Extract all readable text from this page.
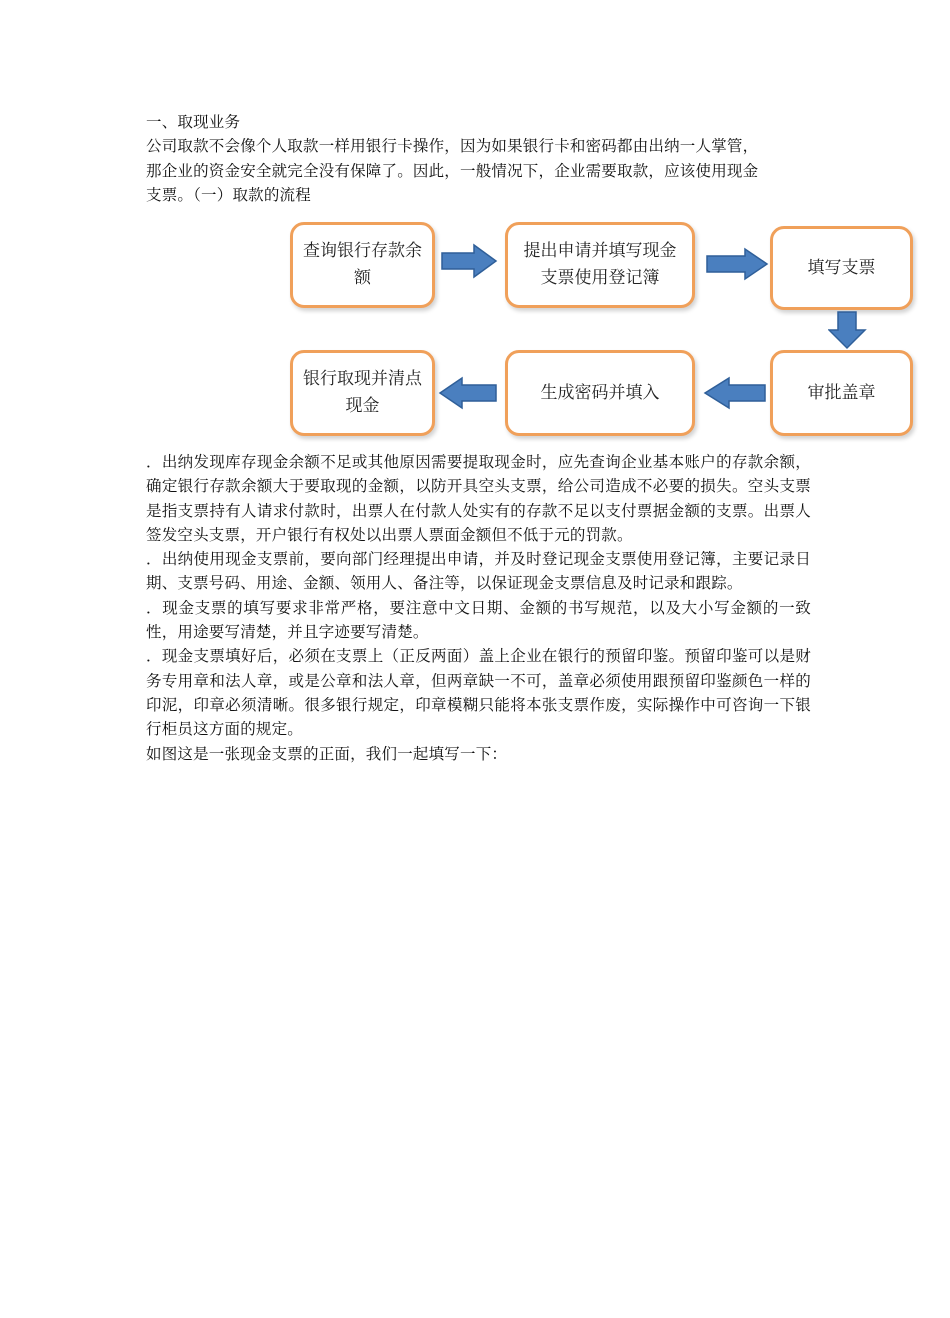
一、取现业务
公司取款不会像个人取款一样用银行卡操作，因为如果银行卡和密码都由出纳一人掌管，
那企业的资金安全就完全没有保障了。因此，一般情况下，企业需要取款，应该使用现金
支票。（一）取款的流程
查询银行存款余额
提出申请并填写现金支票使用登记簿
填写支票
银行取现并清点现金
生成密码并填入	审批盖章
．出纳发现库存现金余额不足或其他原因需要提取现金时，应先查询企业基本账户的存款余额，确定银行存款余额大于要取现的金额，以防开具空头支票，给公司造成不必要的损失。空头支票是指支票持有人请求付款时，出票人在付款人处实有的存款不足以支付票据金额的支票。出票人签发空头支票，开户银行有权处以出票人票面金额但不低于元的罚款。
．出纳使用现金支票前，要向部门经理提出申请，并及时登记现金支票使用登记簿，主要记录日期、支票号码、用途、金额、领用人、备注等，以保证现金支票信息及时记录和跟踪。
．现金支票的填写要求非常严格，要注意中文日期、金额的书写规范，以及大小写金额的一致性，用途要写清楚，并且字迹要写清楚。
．现金支票填好后，必须在支票上（正反两面）盖上企业在银行的预留印鉴。预留印鉴可以是财务专用章和法人章，或是公章和法人章，但两章缺一不可，盖章必须使用跟预留印鉴颜色一样的印泥，印章必须清晰。很多银行规定，印章模糊只能将本张支票作废，实际操作中可咨询一下银行柜员这方面的规定。
如图这是一张现金支票的正面，我们一起填写一下：
